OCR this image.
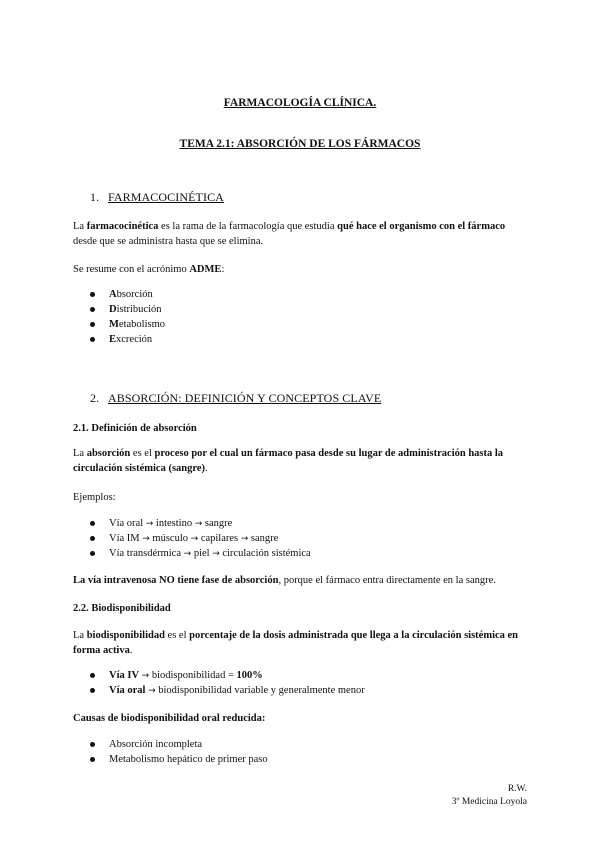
FARMACOLOGÍA CLÍNICA.
TEMA 2.1: ABSORCIÓN DE LOS FÁRMACOS
1. FARMACOCINÉTICA
La farmacocinética es la rama de la farmacología que estudia qué hace el organismo con el fármaco desde que se administra hasta que se elimina.
Se resume con el acrónimo ADME:
Absorción
Distribución
Metabolismo
Excreción
2. ABSORCIÓN: DEFINICIÓN Y CONCEPTOS CLAVE
2.1. Definición de absorción
La absorción es el proceso por el cual un fármaco pasa desde su lugar de administración hasta la circulación sistémica (sangre).
Ejemplos:
Vía oral → intestino → sangre
Vía IM → músculo → capilares → sangre
Vía transdérmica → piel → circulación sistémica
La vía intravenosa NO tiene fase de absorción, porque el fármaco entra directamente en la sangre.
2.2. Biodisponibilidad
La biodisponibilidad es el porcentaje de la dosis administrada que llega a la circulación sistémica en forma activa.
Vía IV → biodisponibilidad = 100%
Vía oral → biodisponibilidad variable y generalmente menor
Causas de biodisponibilidad oral reducida:
Absorción incompleta
Metabolismo hepático de primer paso
R.W.
3º Medicina Loyola
